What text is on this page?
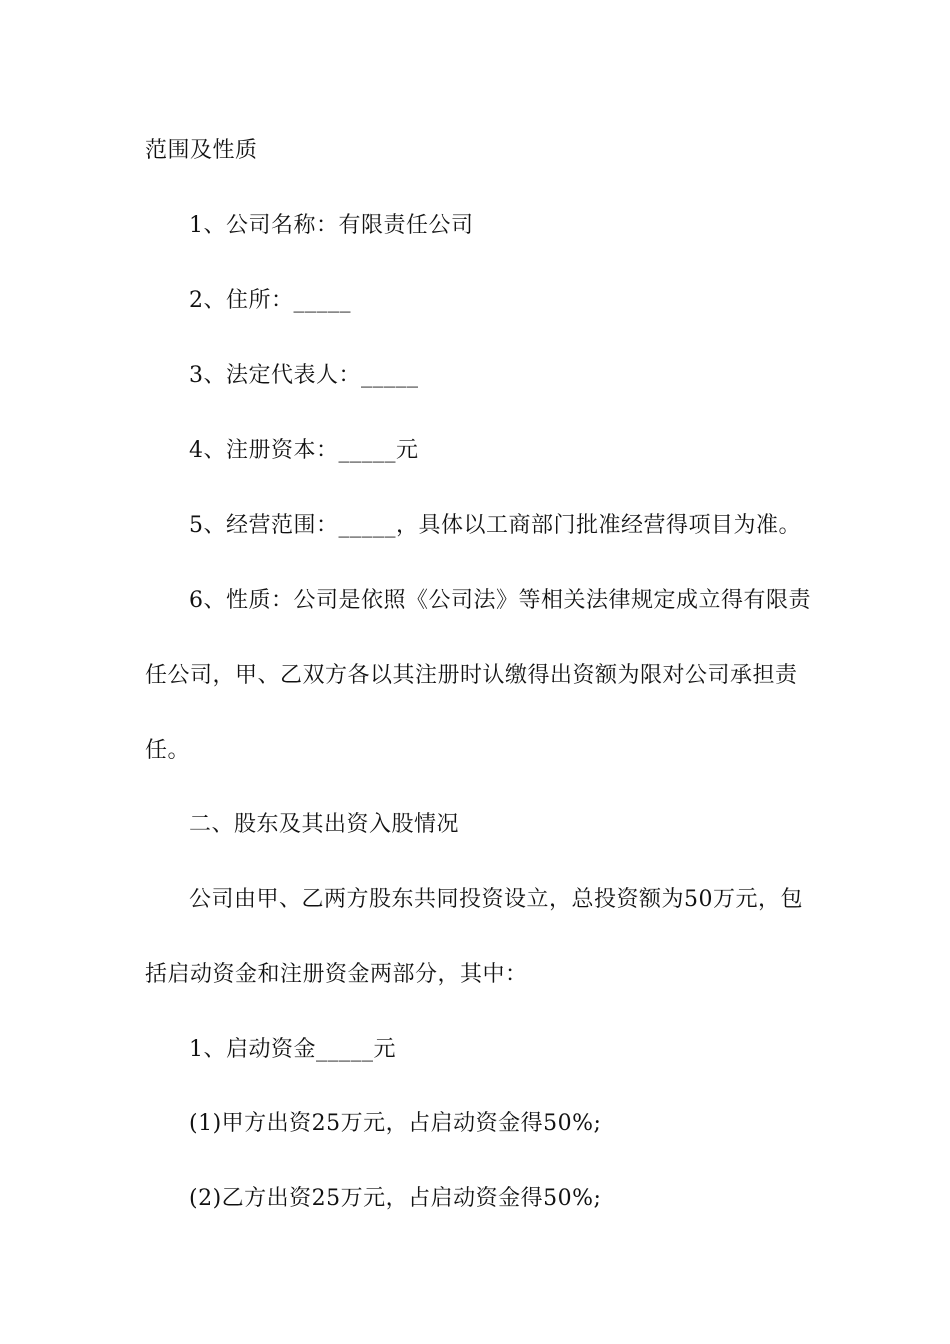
范围及性质

1、公司名称：有限责任公司

2、住所：_____

3、法定代表人：_____

4、注册资本：_____元

5、经营范围：_____，具体以工商部门批准经营得项目为准。

6、性质：公司是依照《公司法》等相关法律规定成立得有限责

任公司，甲、乙双方各以其注册时认缴得出资额为限对公司承担责

任。

二、股东及其出资入股情况

公司由甲、乙两方股东共同投资设立，总投资额为50万元，包

括启动资金和注册资金两部分，其中：

1、启动资金_____元

(1)甲方出资25万元，占启动资金得50%;

(2)乙方出资25万元，占启动资金得50%;
